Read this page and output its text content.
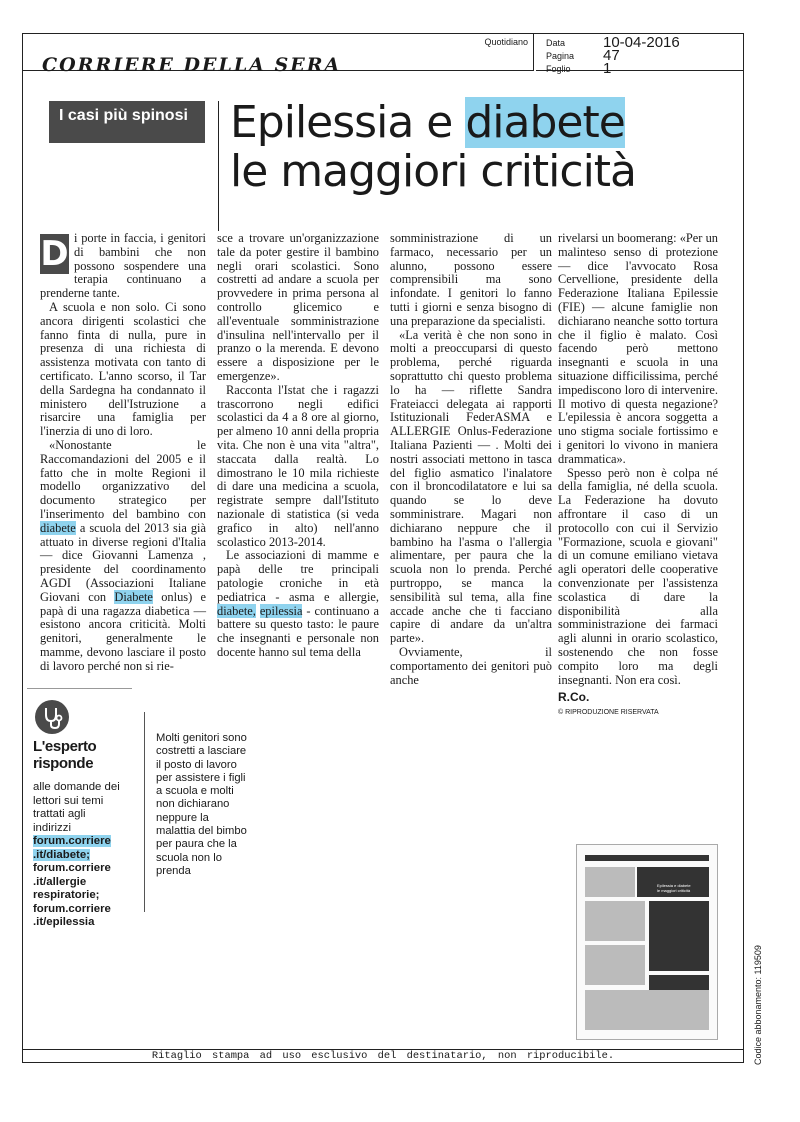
CORRIERE DELLA SERA
Quotidiano Data	10-04-2016
Pagina 47
Foglio 1
I casi più spinosi Epilessia e diabete
le maggiori criticità

D i porte in faccia, i genitori di bambini che non possono sospendere una terapia continuano a prenderne tante.

A scuola e non solo. Ci sono ancora dirigenti scolastici che fanno finta di nulla, pure in presenza di una richiesta di assistenza motivata con tanto di certificato. L'anno scorso, il Tar della Sardegna ha condannato il ministero dell'Istruzione a risarcire una famiglia per l'inerzia di uno di loro.

«Nonostante le Raccomandazioni del 2005 e il fatto che in molte Regioni il modello organizzativo del documento strategico per l'inserimento del bambino con diabete a scuola del 2013 sia già attuato in diverse regioni d'Italia — dice Giovanni Lamenza , presidente del coordinamento AGDI (Associazioni Italiane Giovani con Diabete onlus) e papà di una ragazza diabetica — esistono ancora criticità. Molti genitori, generalmente le mamme, devono lasciare il posto di lavoro perché non si rie-

sce a trovare un'organizzazione tale da poter gestire il bambino negli orari scolastici. Sono costretti ad andare a scuola per provvedere in prima persona al controllo glicemico e all'eventuale somministrazione d'insulina nell'intervallo per il pranzo o la merenda. E devono essere a disposizione per le emergenze».

Racconta l'Istat che i ragazzi trascorrono negli edifici scolastici da 4 a 8 ore al giorno, per almeno 10 anni della propria vita. Che non è una vita "altra", staccata dalla realtà. Lo dimostrano le 10 mila richieste di dare una medicina a scuola, registrate sempre dall'Istituto nazionale di statistica (si veda grafico in alto) nell'anno scolastico 2013-2014.

Le associazioni di mamme e papà delle tre principali patologie croniche in età pediatrica - asma e allergie, diabete, epilessia - continuano a battere su questo tasto: le paure che insegnanti e personale non docente hanno sul tema della

somministrazione di un farmaco, necessario per un alunno, possono essere comprensibili ma sono infondate. I genitori lo fanno tutti i giorni e senza bisogno di una preparazione da specialisti.

«La verità è che non sono in molti a preoccuparsi di questo problema, perché riguarda soprattutto chi questo problema lo ha — riflette Sandra Frateiacci delegata ai rapporti Istituzionali FederASMA e ALLERGIE Onlus-Federazione Italiana Pazienti — . Molti dei nostri associati mettono in tasca del figlio asmatico l'inalatore con il broncodilatatore e lui sa quando se lo deve somministrare. Magari non dichiarano neppure che il bambino ha l'asma o l'allergia alimentare, per paura che la scuola non lo prenda. Perché purtroppo, se manca la sensibilità sul tema, alla fine accade anche che ti facciano capire di andare da un'altra parte».

Ovviamente, il comportamento dei genitori può anche

rivelarsi un boomerang: «Per un malinteso senso di protezione — dice l'avvocato Rosa Cervellione, presidente della Federazione Italiana Epilessie (FIE) — alcune famiglie non dichiarano neanche sotto tortura che il figlio è malato. Così facendo però mettono insegnanti e scuola in una situazione difficilissima, perché impediscono loro di intervenire. Il motivo di questa negazione? L'epilessia è ancora soggetta a uno stigma sociale fortissimo e i genitori lo vivono in maniera drammatica».

Spesso però non è colpa né della famiglia, né della scuola. La Federazione ha dovuto affrontare il caso di un protocollo con cui il Servizio "Formazione, scuola e giovani" di un comune emiliano vietava agli operatori delle cooperative convenzionate per l'assistenza scolastica di dare la disponibilità alla somministrazione dei farmaci agli alunni in orario scolastico, sostenendo che non fosse compito loro ma degli insegnanti. Non era così.

R.Co.
© RIPRODUZIONE RISERVATA
L'esperto
risponde
alle domande dei lettori sui temi trattati agli indirizzi
forum.corriere .it/diabete;
forum.corriere .it/allergie respiratorie;
forum.corriere .it/epilessia
Molti genitori sono costretti a lasciare il posto di lavoro per assistere i figli a scuola e molti non dichiarano neppure la malattia del bimbo per paura che la scuola non lo prenda
Epilessia e diabete
le maggiori criticità
Ritaglio stampa ad uso esclusivo del destinatario, non riproducibile.	Codice abbonamento: 119509
